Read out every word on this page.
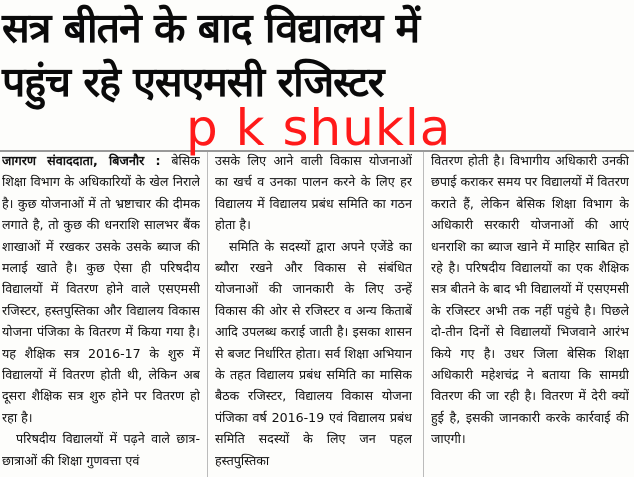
सत्र बीतने के बाद विद्यालय में
पहुंच रहे एसएमसी रजिस्टर

जागरण संवाददाता, बिजनौर : बेसिक शिक्षा विभाग के अधिकारियों के खेल निराले है। कुछ योजनाओं में तो भ्रष्टाचार की दीमक लगाते है, तो कुछ की धनराशि सालभर बैंक शाखाओं में रखकर उसके उसके ब्याज की मलाई खाते है। कुछ ऐसा ही परिषदीय विद्यालयों में वितरण होने वाले एसएमसी रजिस्टर, हस्तपुस्तिका और विद्यालय विकास योजना पंजिका के वितरण में किया गया है। यह शैक्षिक सत्र 2016-17 के शुरु में विद्यालयों में वितरण होती थी, लेकिन अब दूसरा शैक्षिक सत्र शुरु होने पर वितरण हो रहा है।

परिषदीय विद्यालयों में पढ़ने वाले छात्र-छात्राओं की शिक्षा गुणवत्ता एवं

उसके लिए आने वाली विकास योजनाओं का खर्च व उनका पालन करने के लिए हर विद्यालय में विद्यालय प्रबंध समिति का गठन होता है।

समिति के सदस्यों द्वारा अपने एजेंडे का ब्यौरा रखने और विकास से संबंधित योजनाओं की जानकारी के लिए उन्हें विकास की ओर से रजिस्टर व अन्य किताबें आदि उपलब्ध कराई जाती है। इसका शासन से बजट निर्धारित होता। सर्व शिक्षा अभियान के तहत विद्यालय प्रबंध समिति का मासिक बैठक रजिस्टर, विद्यालय विकास योजना पंजिका वर्ष 2016-19 एवं विद्यालय प्रबंध समिति सदस्यों के लिए जन पहल हस्तपुस्तिका

वितरण होती है। विभागीय अधिकारी उनकी छपाई कराकर समय पर विद्यालयों में वितरण कराते हैं, लेकिन बेसिक शिक्षा विभाग के अधिकारी सरकारी योजनाओं की आएं धनराशि का ब्याज खाने में माहिर साबित हो रहे है। परिषदीय विद्यालयों का एक शैक्षिक सत्र बीतने के बाद भी विद्यालयों में एसएमसी के रजिस्टर अभी तक नहीं पहुंचे है। पिछले दो-तीन दिनों से विद्यालयों भिजवाने आरंभ किये गए है। उधर जिला बेसिक शिक्षा अधिकारी महेशचंद्र ने बताया कि सामग्री वितरण की जा रही है। वितरण में देरी क्यों हुई है, इसकी जानकारी करके कार्रवाई की जाएगी।

p k shukla
